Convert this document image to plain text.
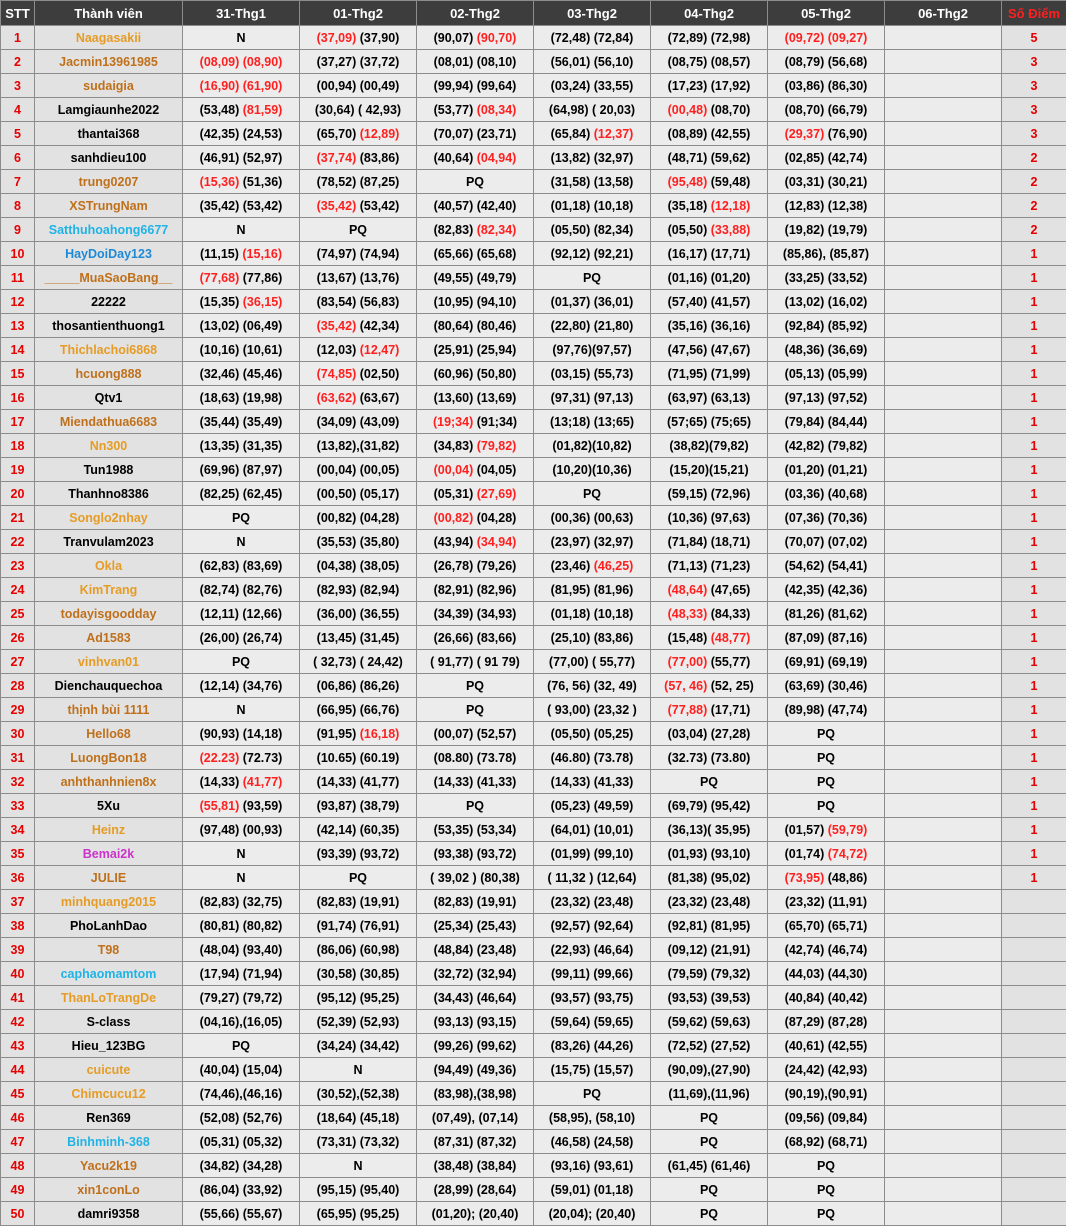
STT	Thành viên	31-Thg1	01-Thg2	02-Thg2	03-Thg2	04-Thg2	05-Thg2	06-Thg2	Số Điểm
1	Naagasakii	N	(37,09) (37,90)	(90,07) (90,70)	(72,48) (72,84)	(72,89) (72,98)	(09,72) (09,27)		5
2	Jacmin13961985	(08,09) (08,90)	(37,27) (37,72)	(08,01) (08,10)	(56,01) (56,10)	(08,75) (08,57)	(08,79) (56,68)		3
3	sudaigia	(16,90) (61,90)	(00,94) (00,49)	(99,94) (99,64)	(03,24) (33,55)	(17,23) (17,92)	(03,86) (86,30)		3
4	Lamgiaunhe2022	(53,48) (81,59)	(30,64) ( 42,93)	(53,77) (08,34)	(64,98) ( 20,03)	(00,48) (08,70)	(08,70) (66,79)		3
5	thantai368	(42,35) (24,53)	(65,70) (12,89)	(70,07) (23,71)	(65,84) (12,37)	(08,89) (42,55)	(29,37) (76,90)		3
6	sanhdieu100	(46,91) (52,97)	(37,74) (83,86)	(40,64) (04,94)	(13,82) (32,97)	(48,71) (59,62)	(02,85) (42,74)		2
7	trung0207	(15,36) (51,36)	(78,52) (87,25)	PQ	(31,58) (13,58)	(95,48) (59,48)	(03,31) (30,21)		2
8	XSTrungNam	(35,42) (53,42)	(35,42) (53,42)	(40,57) (42,40)	(01,18) (10,18)	(35,18) (12,18)	(12,83) (12,38)		2
9	Satthuhoahong6677	N	PQ	(82,83) (82,34)	(05,50) (82,34)	(05,50) (33,88)	(19,82) (19,79)		2
10	HayDoiDay123	(11,15) (15,16)	(74,97) (74,94)	(65,66) (65,68)	(92,12) (92,21)	(16,17) (17,71)	(85,86), (85,87)		1
11	_____MuaSaoBang__	(77,68) (77,86)	(13,67) (13,76)	(49,55) (49,79)	PQ	(01,16) (01,20)	(33,25) (33,52)		1
12	22222	(15,35) (36,15)	(83,54) (56,83)	(10,95) (94,10)	(01,37) (36,01)	(57,40) (41,57)	(13,02) (16,02)		1
13	thosantienthuong1	(13,02) (06,49)	(35,42) (42,34)	(80,64) (80,46)	(22,80) (21,80)	(35,16) (36,16)	(92,84) (85,92)		1
14	Thichlachoi6868	(10,16) (10,61)	(12,03) (12,47)	(25,91) (25,94)	(97,76)(97,57)	(47,56) (47,67)	(48,36) (36,69)		1
15	hcuong888	(32,46) (45,46)	(74,85) (02,50)	(60,96) (50,80)	(03,15) (55,73)	(71,95) (71,99)	(05,13) (05,99)		1
16	Qtv1	(18,63) (19,98)	(63,62) (63,67)	(13,60) (13,69)	(97,31) (97,13)	(63,97) (63,13)	(97,13) (97,52)		1
17	Miendathua6683	(35,44) (35,49)	(34,09) (43,09)	(19;34) (91;34)	(13;18) (13;65)	(57;65) (75;65)	(79,84) (84,44)		1
18	Nn300	(13,35) (31,35)	(13,82),(31,82)	(34,83) (79,82)	(01,82)(10,82)	(38,82)(79,82)	(42,82) (79,82)		1
19	Tun1988	(69,96) (87,97)	(00,04) (00,05)	(00,04) (04,05)	(10,20)(10,36)	(15,20)(15,21)	(01,20) (01,21)		1
20	Thanhno8386	(82,25) (62,45)	(00,50) (05,17)	(05,31) (27,69)	PQ	(59,15) (72,96)	(03,36) (40,68)		1
21	Songlo2nhay	PQ	(00,82) (04,28)	(00,82) (04,28)	(00,36) (00,63)	(10,36) (97,63)	(07,36) (70,36)		1
22	Tranvulam2023	N	(35,53) (35,80)	(43,94) (34,94)	(23,97) (32,97)	(71,84) (18,71)	(70,07) (07,02)		1
23	Okla	(62,83) (83,69)	(04,38) (38,05)	(26,78) (79,26)	(23,46) (46,25)	(71,13) (71,23)	(54,62) (54,41)		1
24	KimTrang	(82,74) (82,76)	(82,93) (82,94)	(82,91) (82,96)	(81,95) (81,96)	(48,64) (47,65)	(42,35) (42,36)		1
25	todayisgoodday	(12,11) (12,66)	(36,00) (36,55)	(34,39) (34,93)	(01,18) (10,18)	(48,33) (84,33)	(81,26) (81,62)		1
26	Ad1583	(26,00) (26,74)	(13,45) (31,45)	(26,66) (83,66)	(25,10) (83,86)	(15,48) (48,77)	(87,09) (87,16)		1
27	vinhvan01	PQ	( 32,73) ( 24,42)	( 91,77) ( 91 79)	(77,00) ( 55,77)	(77,00) (55,77)	(69,91) (69,19)		1
28	Dienchauquechoa	(12,14) (34,76)	(06,86) (86,26)	PQ	(76, 56) (32, 49)	(57, 46) (52, 25)	(63,69) (30,46)		1
29	thịnh bùi 1111	N	(66,95) (66,76)	PQ	( 93,00) (23,32 )	(77,88) (17,71)	(89,98) (47,74)		1
30	Hello68	(90,93) (14,18)	(91,95) (16,18)	(00,07) (52,57)	(05,50) (05,25)	(03,04) (27,28)	PQ		1
31	LuongBon18	(22.23) (72.73)	(10.65) (60.19)	(08.80) (73.78)	(46.80) (73.78)	(32.73) (73.80)	PQ		1
32	anhthanhnien8x	(14,33) (41,77)	(14,33) (41,77)	(14,33) (41,33)	(14,33) (41,33)	PQ	PQ		1
33	5Xu	(55,81) (93,59)	(93,87) (38,79)	PQ	(05,23) (49,59)	(69,79) (95,42)	PQ		1
34	Heinz	(97,48) (00,93)	(42,14) (60,35)	(53,35) (53,34)	(64,01) (10,01)	(36,13)( 35,95)	(01,57) (59,79)		1
35	Bemai2k	N	(93,39) (93,72)	(93,38) (93,72)	(01,99) (99,10)	(01,93) (93,10)	(01,74) (74,72)		1
36	JULIE	N	PQ	( 39,02 ) (80,38)	( 11,32 ) (12,64)	(81,38) (95,02)	(73,95) (48,86)		1
37	minhquang2015	(82,83) (32,75)	(82,83) (19,91)	(82,83) (19,91)	(23,32) (23,48)	(23,32) (23,48)	(23,32) (11,91)		
38	PhoLanhDao	(80,81) (80,82)	(91,74) (76,91)	(25,34) (25,43)	(92,57) (92,64)	(92,81) (81,95)	(65,70) (65,71)		
39	T98	(48,04) (93,40)	(86,06) (60,98)	(48,84) (23,48)	(22,93) (46,64)	(09,12) (21,91)	(42,74) (46,74)		
40	caphaomamtom	(17,94) (71,94)	(30,58) (30,85)	(32,72) (32,94)	(99,11) (99,66)	(79,59) (79,32)	(44,03) (44,30)		
41	ThanLoTrangDe	(79,27) (79,72)	(95,12) (95,25)	(34,43) (46,64)	(93,57) (93,75)	(93,53) (39,53)	(40,84) (40,42)		
42	S-class	(04,16),(16,05)	(52,39) (52,93)	(93,13) (93,15)	(59,64) (59,65)	(59,62) (59,63)	(87,29) (87,28)		
43	Hieu_123BG	PQ	(34,24) (34,42)	(99,26) (99,62)	(83,26) (44,26)	(72,52) (27,52)	(40,61) (42,55)		
44	cuicute	(40,04) (15,04)	N	(94,49) (49,36)	(15,75) (15,57)	(90,09),(27,90)	(24,42) (42,93)		
45	Chimcucu12	(74,46),(46,16)	(30,52),(52,38)	(83,98),(38,98)	PQ	(11,69),(11,96)	(90,19),(90,91)		
46	Ren369	(52,08) (52,76)	(18,64) (45,18)	(07,49), (07,14)	(58,95), (58,10)	PQ	(09,56) (09,84)		
47	Binhminh-368	(05,31) (05,32)	(73,31) (73,32)	(87,31) (87,32)	(46,58) (24,58)	PQ	(68,92) (68,71)		
48	Yacu2k19	(34,82) (34,28)	N	(38,48) (38,84)	(93,16) (93,61)	(61,45) (61,46)	PQ		
49	xin1conLo	(86,04) (33,92)	(95,15) (95,40)	(28,99) (28,64)	(59,01) (01,18)	PQ	PQ		
50	damri9358	(55,66) (55,67)	(65,95) (95,25)	(01,20); (20,40)	(20,04); (20,40)	PQ	PQ		
